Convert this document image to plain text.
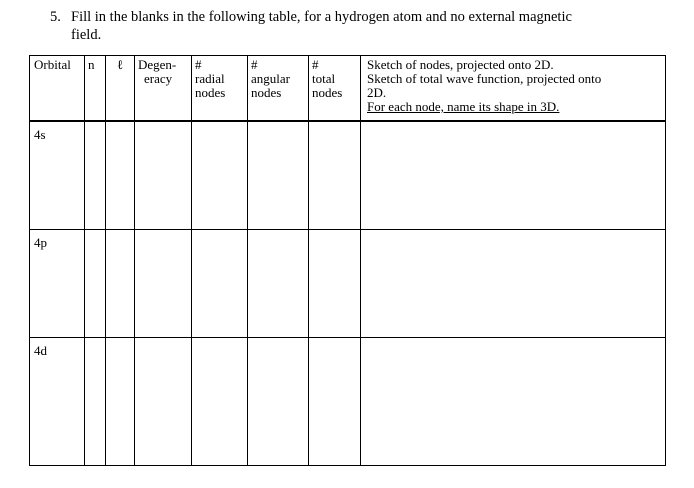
5. Fill in the blanks in the following table, for a hydrogen atom and no external magnetic
field.
Orbital	n	ℓ	Degen-
eracy	#
radial
nodes	#
angular
nodes	#
total
nodes	Sketch of nodes, projected onto 2D.
Sketch of total wave function, projected onto
2D.
For each node, name its shape in 3D.

4s							
4p							
4d							
